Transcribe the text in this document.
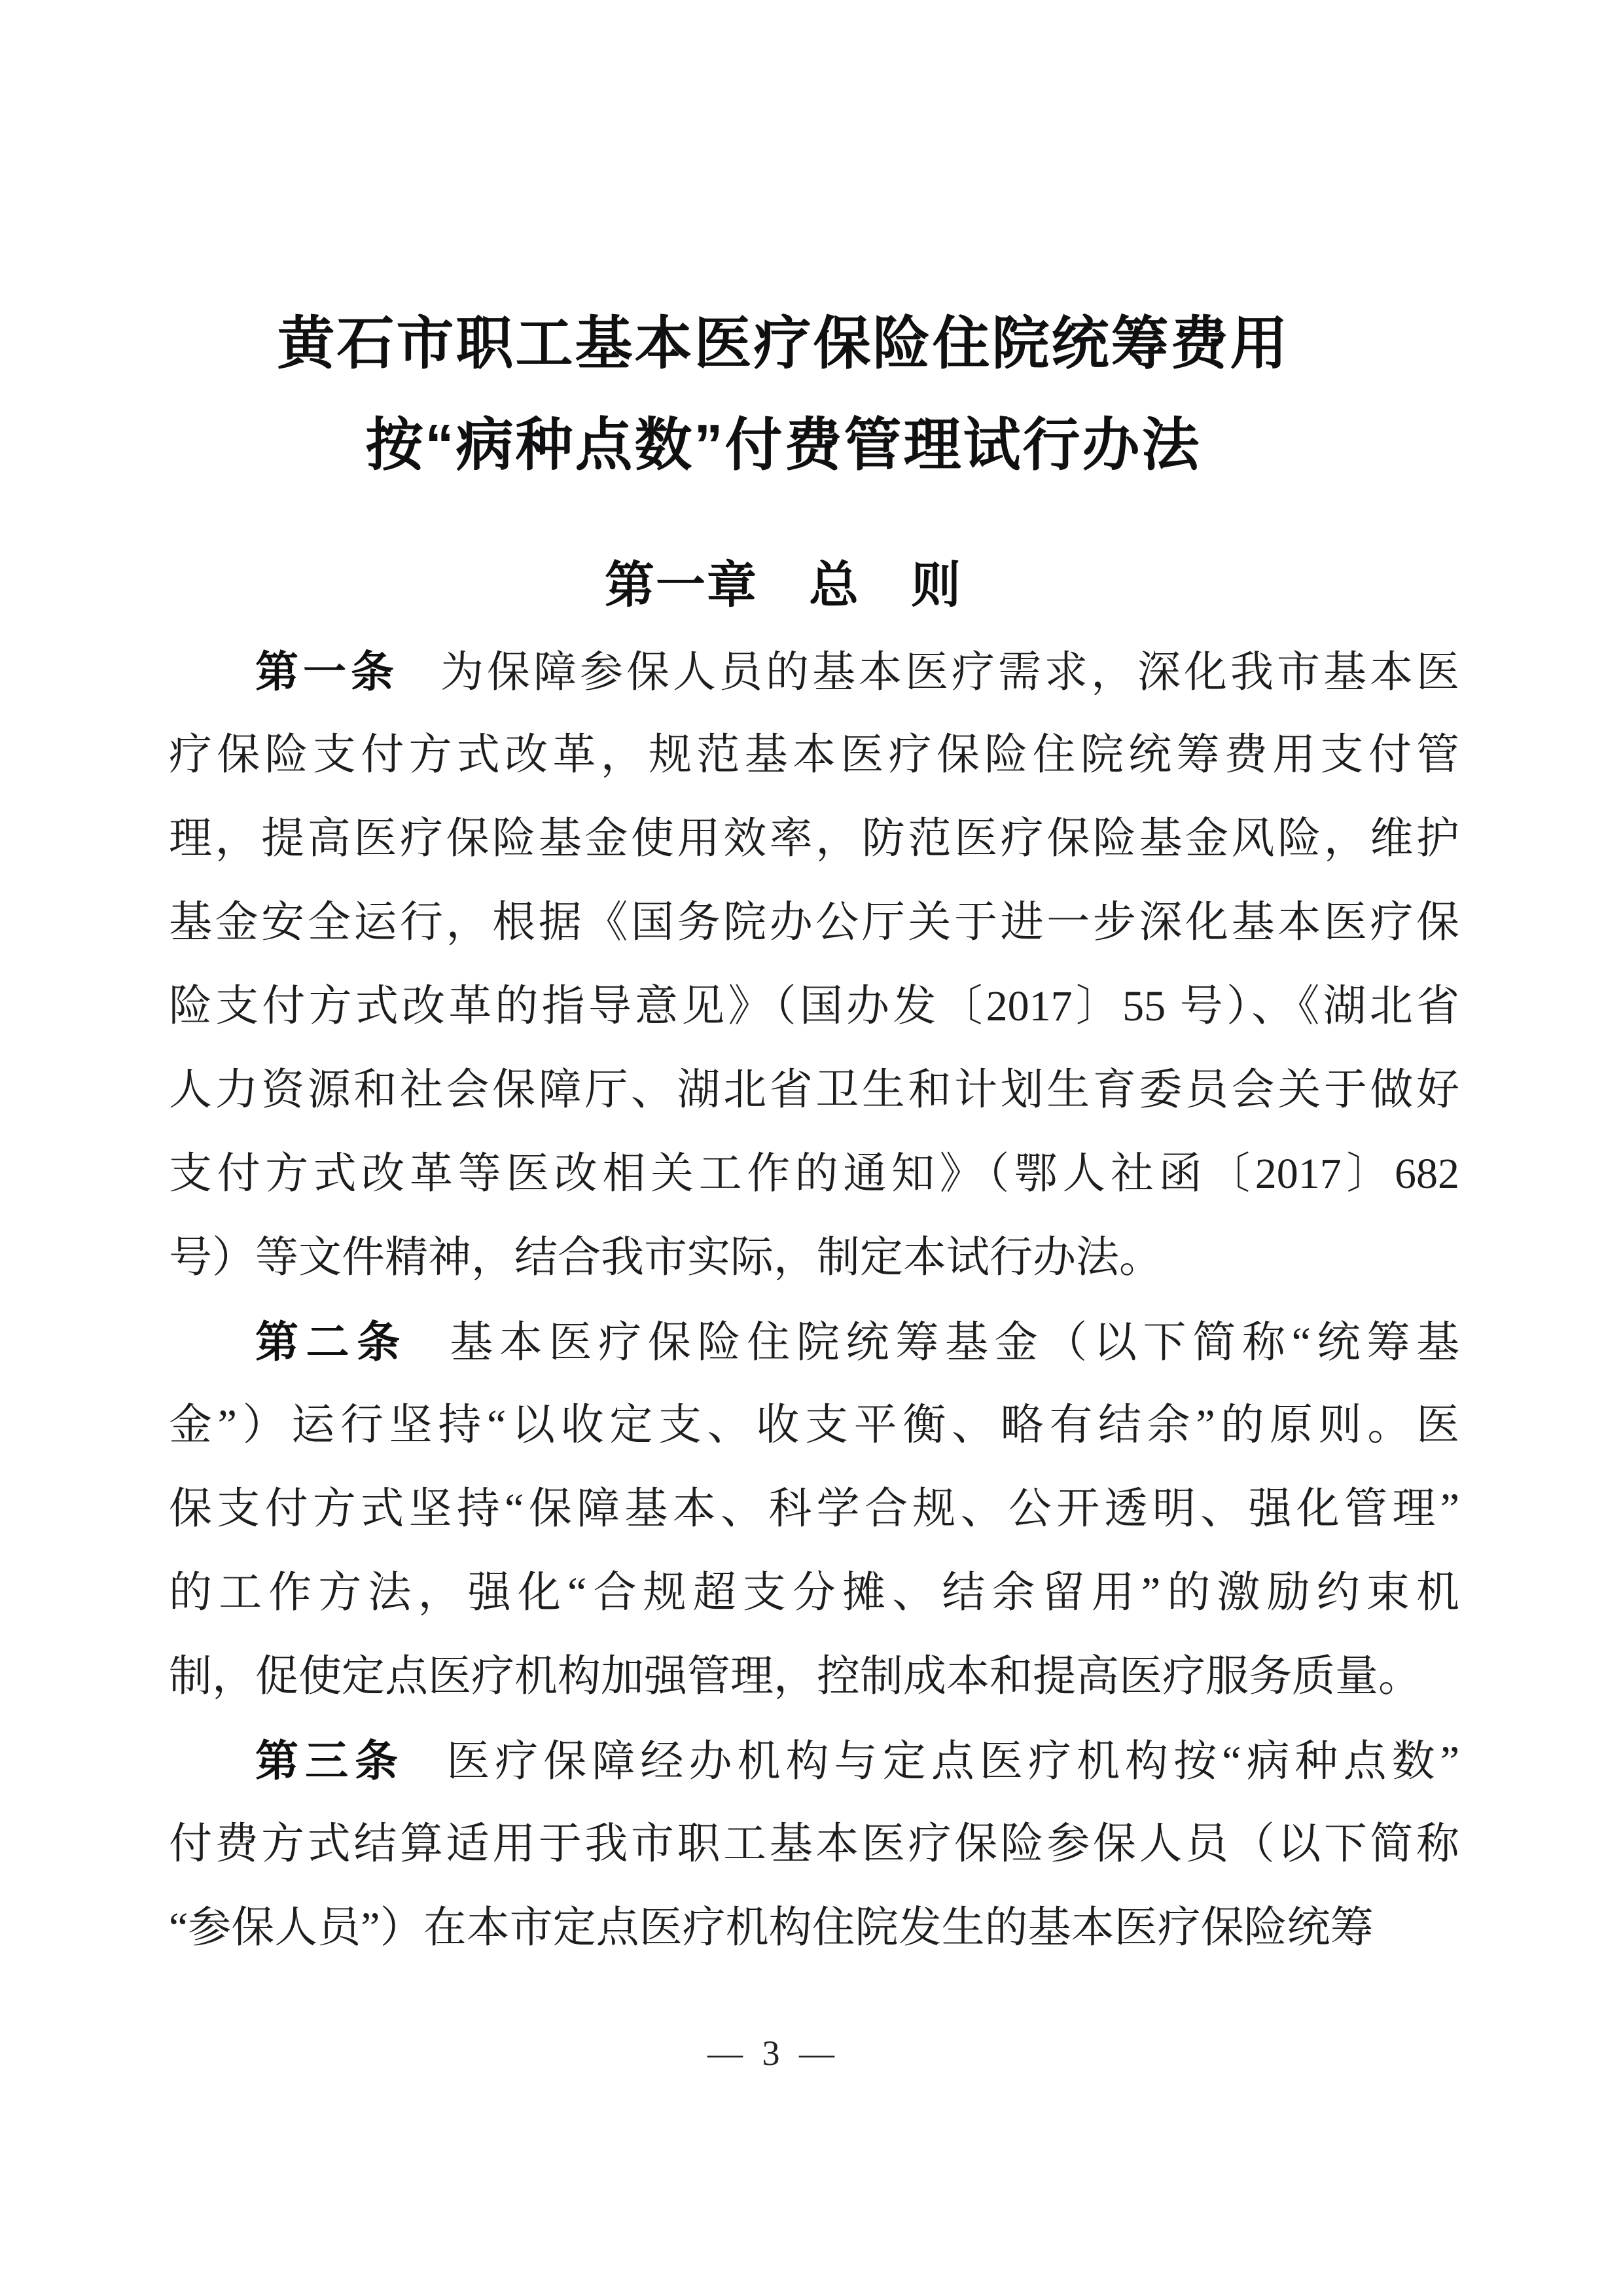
黄石市职工基本医疗保险住院统筹费用
按“病种点数”付费管理试行办法
第一章　总　则
第一条 为保障参保人员的基本医疗需求，深化我市基本医
疗保险支付方式改革，规范基本医疗保险住院统筹费用支付管
理，提高医疗保险基金使用效率，防范医疗保险基金风险，维护
基金安全运行，根据《国务院办公厅关于进一步深化基本医疗保
险支付方式改革的指导意见》（国办发〔2017〕55 号）、《湖北省
人力资源和社会保障厅、湖北省卫生和计划生育委员会关于做好
支付方式改革等医改相关工作的通知》（鄂人社函〔2017〕682
号）等文件精神，结合我市实际，制定本试行办法。
第二条 基本医疗保险住院统筹基金（以下简称“统筹基
金”）运行坚持“以收定支、收支平衡、略有结余”的原则。医
保支付方式坚持“保障基本、科学合规、公开透明、强化管理”
的工作方法，强化“合规超支分摊、结余留用”的激励约束机
制，促使定点医疗机构加强管理，控制成本和提高医疗服务质量。
第三条 医疗保障经办机构与定点医疗机构按“病种点数”
付费方式结算适用于我市职工基本医疗保险参保人员（以下简称
“参保人员”）在本市定点医疗机构住院发生的基本医疗保险统筹
— 3 —
